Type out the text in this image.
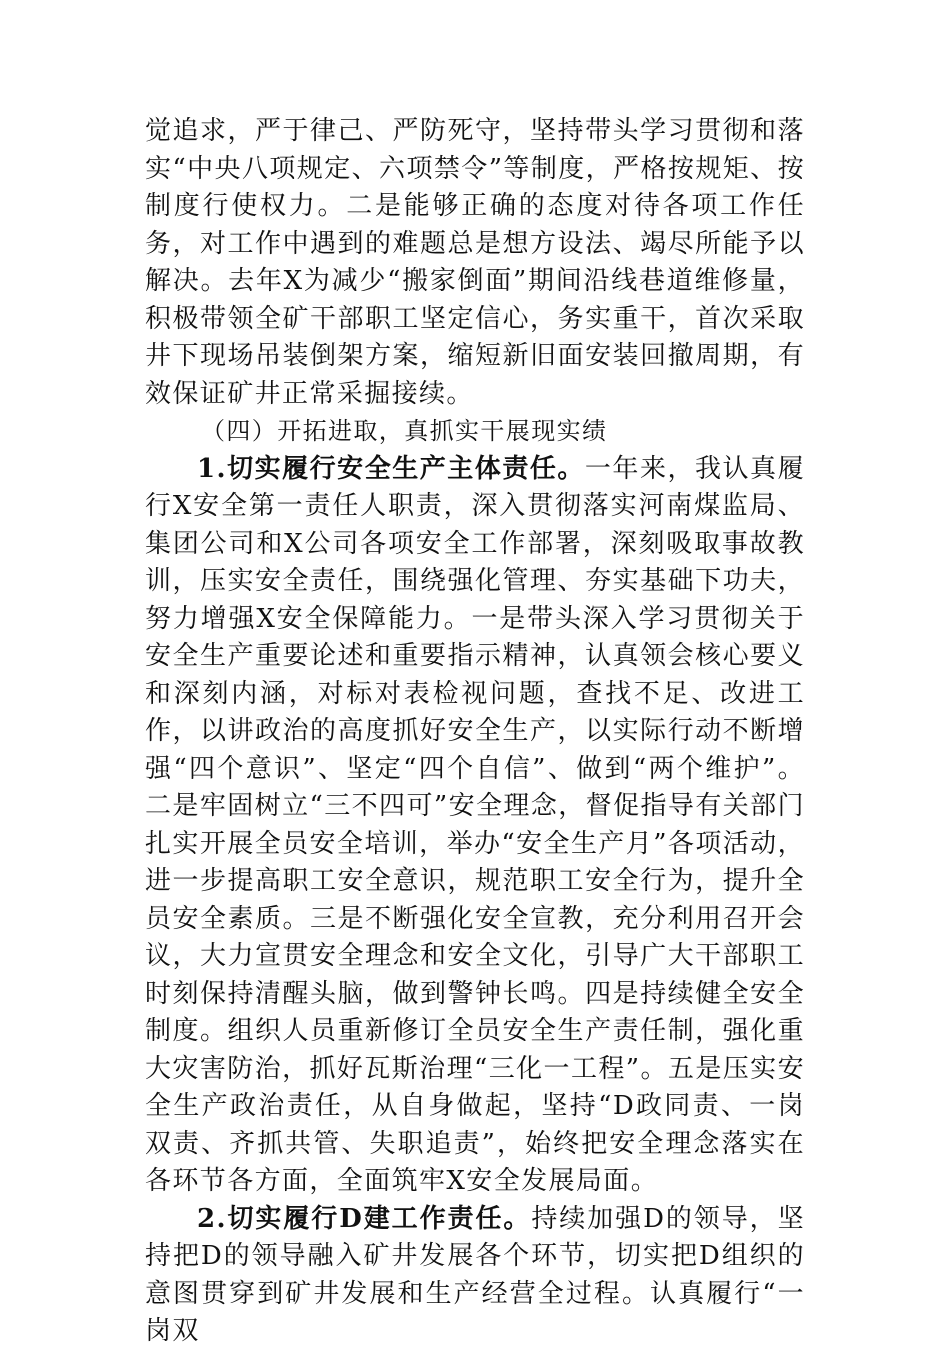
觉追求，严于律己、严防死守，坚持带头学习贯彻和落实“中央八项规定、六项禁令”等制度，严格按规矩、按制度行使权力。二是能够正确的态度对待各项工作任务，对工作中遇到的难题总是想方设法、竭尽所能予以解决。去年X为减少“搬家倒面”期间沿线巷道维修量，积极带领全矿干部职工坚定信心，务实重干，首次采取井下现场吊装倒架方案，缩短新旧面安装回撤周期，有效保证矿井正常采掘接续。

（四）开拓进取，真抓实干展现实绩

1.切实履行安全生产主体责任。一年来，我认真履行X安全第一责任人职责，深入贯彻落实河南煤监局、集团公司和X公司各项安全工作部署，深刻吸取事故教训，压实安全责任，围绕强化管理、夯实基础下功夫，努力增强X安全保障能力。一是带头深入学习贯彻关于安全生产重要论述和重要指示精神，认真领会核心要义和深刻内涵，对标对表检视问题，查找不足、改进工作，以讲政治的高度抓好安全生产，以实际行动不断增强“四个意识”、坚定“四个自信”、做到“两个维护”。二是牢固树立“三不四可”安全理念，督促指导有关部门扎实开展全员安全培训，举办“安全生产月”各项活动，进一步提高职工安全意识，规范职工安全行为，提升全员安全素质。三是不断强化安全宣教，充分利用召开会议，大力宣贯安全理念和安全文化，引导广大干部职工时刻保持清醒头脑，做到警钟长鸣。四是持续健全安全制度。组织人员重新修订全员安全生产责任制，强化重大灾害防治，抓好瓦斯治理“三化一工程”。五是压实安全生产政治责任，从自身做起，坚持“D政同责、一岗双责、齐抓共管、失职追责”，始终把安全理念落实在各环节各方面，全面筑牢X安全发展局面。

2.切实履行D建工作责任。持续加强D的领导，坚持把D的领导融入矿井发展各个环节，切实把D组织的意图贯穿到矿井发展和生产经营全过程。认真履行“一岗双
